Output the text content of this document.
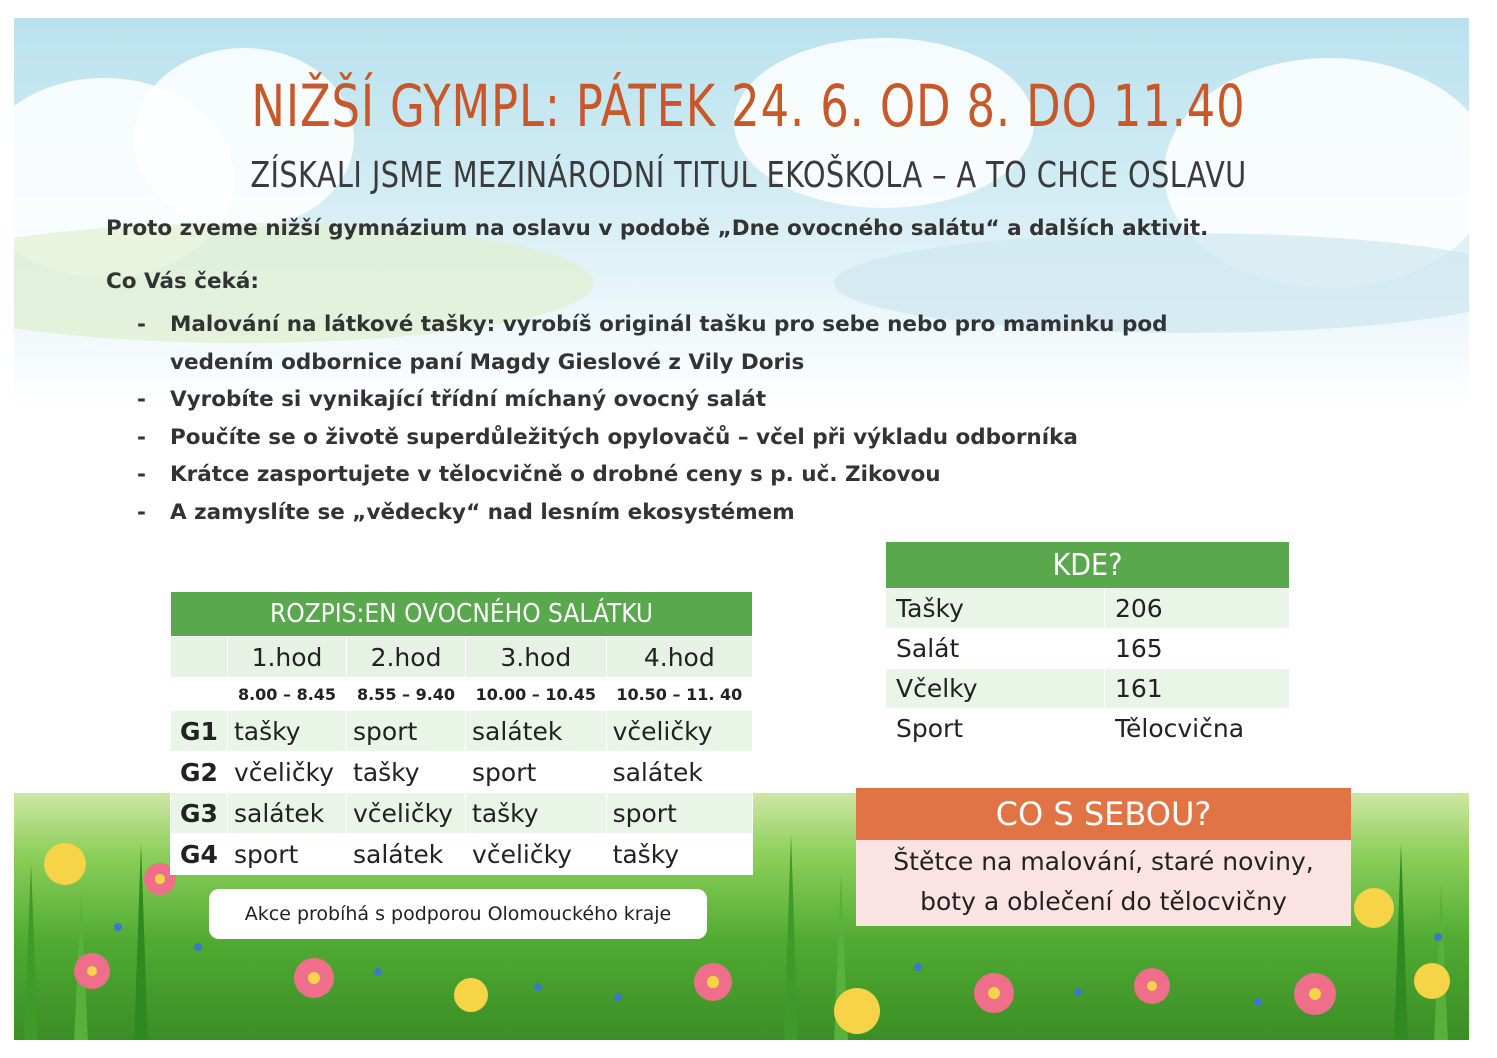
NIŽŠÍ GYMPL: PÁTEK 24. 6. OD 8. DO 11.40
ZÍSKALI JSME MEZINÁRODNÍ TITUL EKOŠKOLA – A TO CHCE OSLAVU
Proto zveme nižší gymnázium na oslavu v podobě „Dne ovocného salátu“ a dalších aktivit.
Co Vás čeká:
- Malování na látkové tašky: vyrobíš originál tašku pro sebe nebo pro maminku pod vedením odbornice paní Magdy Gieslové z Vily Doris
- Vyrobíte si vynikající třídní míchaný ovocný salát
- Poučíte se o životě superdůležitých opylovačů – včel při výkladu odborníka
- Krátce zasportujete v tělocvičně o drobné ceny s p. uč. Zikovou
- A zamyslíte se „vědecky“ nad lesním ekosystémem
ROZPIS:EN OVOCNÉHO SALÁTKU				
	1.hod	2.hod	3.hod	4.hod
	8.00 – 8.45	8.55 – 9.40	10.00 – 10.45	10.50 – 11. 40
G1	tašky	sport	salátek	včeličky
G2	včeličky	tašky	sport	salátek
G3	salátek	včeličky	tašky	sport
G4	sport	salátek	včeličky	tašky
KDE?	
Tašky	206
Salát	165
Včelky	161
Sport	Tělocvična
CO S SEBOU?
Štětce na malování, staré noviny,
boty a oblečení do tělocvičny
Akce probíhá s podporou Olomouckého kraje
